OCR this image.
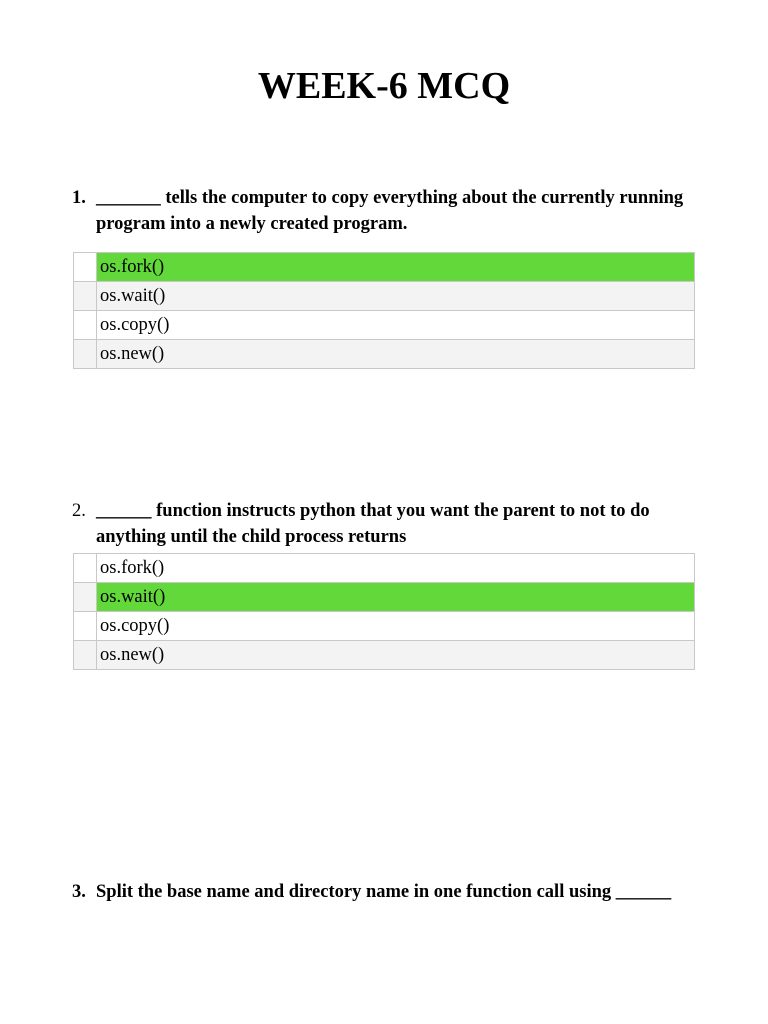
WEEK-6 MCQ
1. _______ tells the computer to copy everything about the currently running program into a newly created program.
	os.fork()
	os.wait()
	os.copy()
	os.new()
2. ______ function instructs python that you want the parent to not to do anything until the child process returns
	os.fork()
	os.wait()
	os.copy()
	os.new()
3. Split the base name and directory name in one function call using ______
